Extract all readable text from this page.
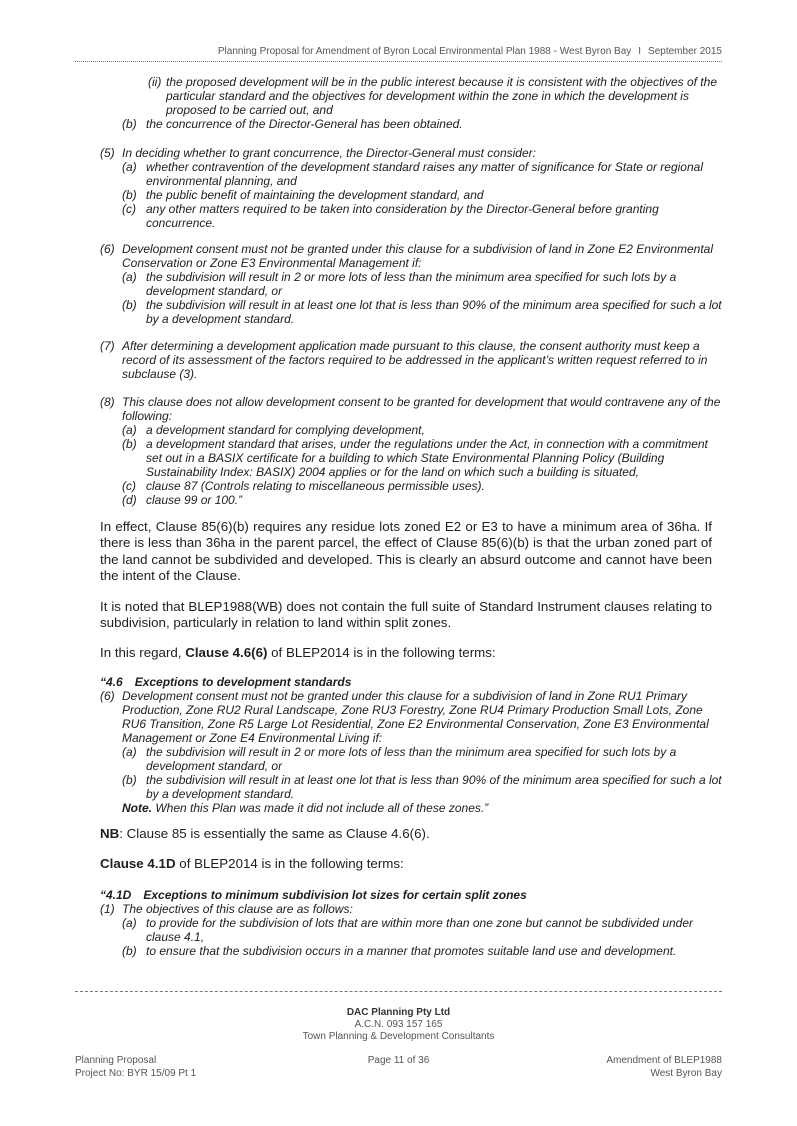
Planning Proposal for Amendment of Byron Local Environmental Plan 1988 - West Byron Bay I September 2015
(ii) the proposed development will be in the public interest because it is consistent with the objectives of the particular standard and the objectives for development within the zone in which the development is proposed to be carried out, and
(b) the concurrence of the Director-General has been obtained.
(5) In deciding whether to grant concurrence, the Director-General must consider:
(a) whether contravention of the development standard raises any matter of significance for State or regional environmental planning, and
(b) the public benefit of maintaining the development standard, and
(c) any other matters required to be taken into consideration by the Director-General before granting concurrence.
(6) Development consent must not be granted under this clause for a subdivision of land in Zone E2 Environmental Conservation or Zone E3 Environmental Management if:
(a) the subdivision will result in 2 or more lots of less than the minimum area specified for such lots by a development standard, or
(b) the subdivision will result in at least one lot that is less than 90% of the minimum area specified for such a lot by a development standard.
(7) After determining a development application made pursuant to this clause, the consent authority must keep a record of its assessment of the factors required to be addressed in the applicant’s written request referred to in subclause (3).
(8) This clause does not allow development consent to be granted for development that would contravene any of the following:
(a) a development standard for complying development,
(b) a development standard that arises, under the regulations under the Act, in connection with a commitment set out in a BASIX certificate for a building to which State Environmental Planning Policy (Building Sustainability Index: BASIX) 2004 applies or for the land on which such a building is situated,
(c) clause 87 (Controls relating to miscellaneous permissible uses).
(d) clause 99 or 100.”
In effect, Clause 85(6)(b) requires any residue lots zoned E2 or E3 to have a minimum area of 36ha. If there is less than 36ha in the parent parcel, the effect of Clause 85(6)(b) is that the urban zoned part of the land cannot be subdivided and developed. This is clearly an absurd outcome and cannot have been the intent of the Clause.
It is noted that BLEP1988(WB) does not contain the full suite of Standard Instrument clauses relating to subdivision, particularly in relation to land within split zones.
In this regard, Clause 4.6(6) of BLEP2014 is in the following terms:
“4.6 Exceptions to development standards
(6) Development consent must not be granted under this clause for a subdivision of land in Zone RU1 Primary Production, Zone RU2 Rural Landscape, Zone RU3 Forestry, Zone RU4 Primary Production Small Lots, Zone RU6 Transition, Zone R5 Large Lot Residential, Zone E2 Environmental Conservation, Zone E3 Environmental Management or Zone E4 Environmental Living if:
(a) the subdivision will result in 2 or more lots of less than the minimum area specified for such lots by a development standard, or
(b) the subdivision will result in at least one lot that is less than 90% of the minimum area specified for such a lot by a development standard.
Note. When this Plan was made it did not include all of these zones.”
NB: Clause 85 is essentially the same as Clause 4.6(6).
Clause 4.1D of BLEP2014 is in the following terms:
“4.1D Exceptions to minimum subdivision lot sizes for certain split zones
(1) The objectives of this clause are as follows:
(a) to provide for the subdivision of lots that are within more than one zone but cannot be subdivided under clause 4.1,
(b) to ensure that the subdivision occurs in a manner that promotes suitable land use and development.
DAC Planning Pty Ltd
A.C.N. 093 157 165
Town Planning & Development Consultants
Page 11 of 36
Planning Proposal
Project No: BYR 15/09 Pt 1
Amendment of BLEP1988
West Byron Bay
